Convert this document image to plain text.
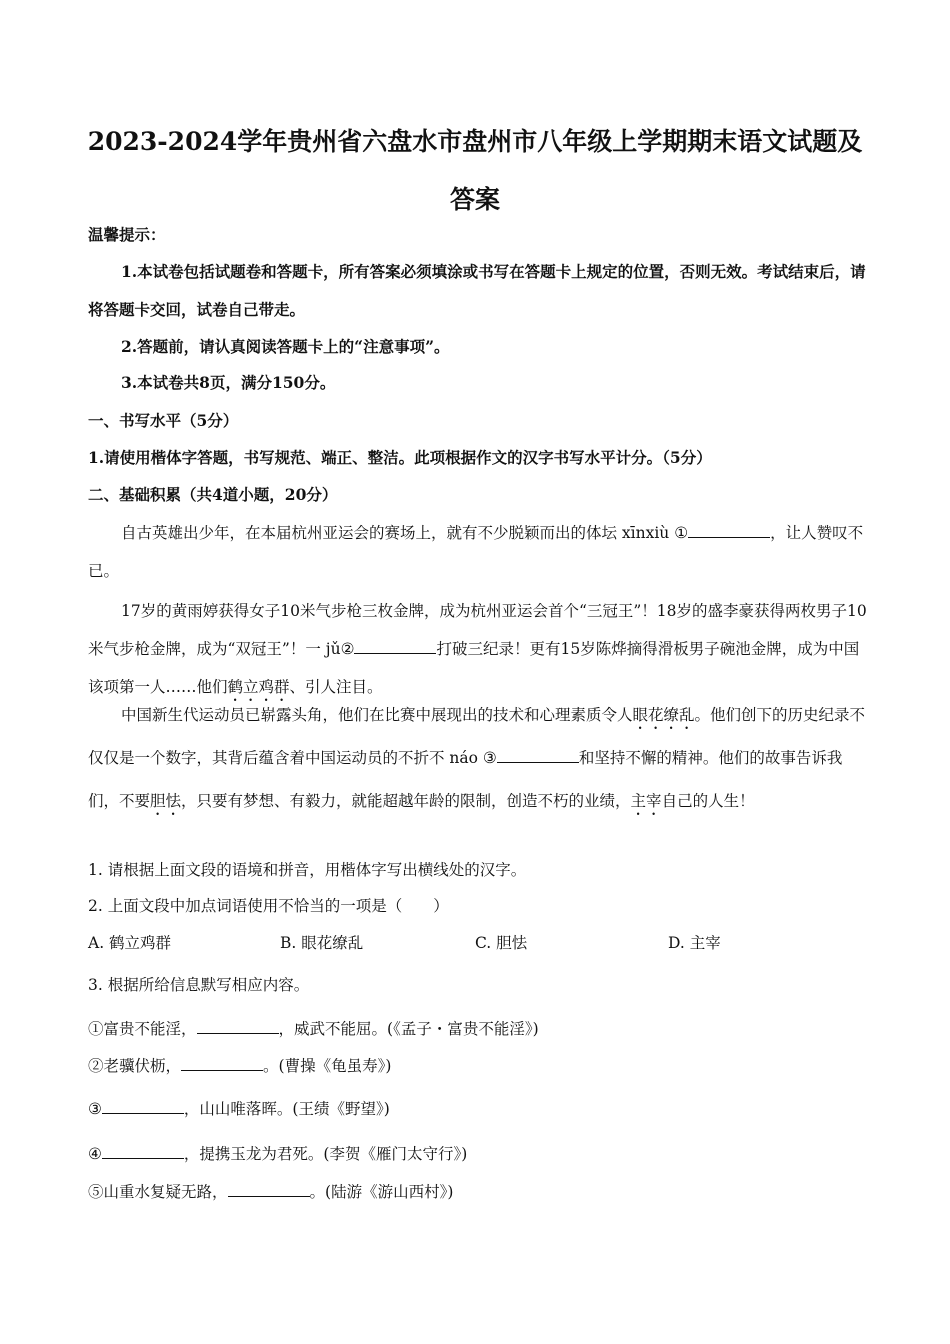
2023-2024学年贵州省六盘水市盘州市八年级上学期期末语文试题及
答案
温馨提示：
1.本试卷包括试题卷和答题卡，所有答案必须填涂或书写在答题卡上规定的位置，否则无效。考试结束后，请将答题卡交回，试卷自己带走。
2.答题前，请认真阅读答题卡上的“注意事项”。
3.本试卷共8页，满分150分。
一、书写水平（5分）
1.请使用楷体字答题，书写规范、端正、整洁。此项根据作文的汉字书写水平计分。（5分）
二、基础积累（共4道小题，20分）
自古英雄出少年，在本届杭州亚运会的赛场上，就有不少脱颖而出的体坛 xīnxiù ①	，让人赞叹不已。
17岁的黄雨婷获得女子10米气步枪三枚金牌，成为杭州亚运会首个“三冠王”！18岁的盛李豪获得两枚男子10米气步枪金牌，成为“双冠王”！一 jǔ②	打破三纪录！更有15岁陈烨摘得滑板男子碗池金牌，成为中国该项第一人……他们鹤立鸡群、引人注目。
中国新生代运动员已崭露头角，他们在比赛中展现出的技术和心理素质令人眼花缭乱。他们创下的历史纪录不仅仅是一个数字，其背后蕴含着中国运动员的不折不 náo ③	和坚持不懈的精神。他们的故事告诉我们，不要胆怯，只要有梦想、有毅力，就能超越年龄的限制，创造不朽的业绩，主宰自己的人生！
1. 请根据上面文段的语境和拼音，用楷体字写出横线处的汉字。
2. 上面文段中加点词语使用不恰当的一项是（　　）
A. 鹤立鸡群	B. 眼花缭乱	C. 胆怯	D. 主宰
3. 根据所给信息默写相应内容。
①富贵不能淫，	，威武不能屈。(《孟子・富贵不能淫》)
②老骥伏枥，	。(曹操《龟虽寿》)
③	，山山唯落晖。(王绩《野望》)
④	，提携玉龙为君死。(李贺《雁门太守行》)
⑤山重水复疑无路，	。(陆游《游山西村》)
